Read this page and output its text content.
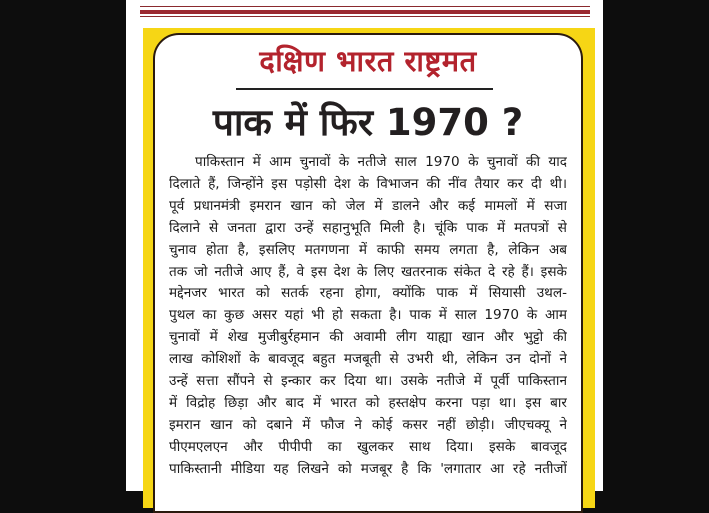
दक्षिण भारत राष्ट्रमत
पाक में फिर 1970 ?
पाकिस्तान में आम चुनावों के नतीजे साल 1970 के चुनावों की याद
दिलाते हैं, जिन्होंने इस पड़ोसी देश के विभाजन की नींव तैयार कर दी थी।
पूर्व प्रधानमंत्री इमरान खान को जेल में डालने और कई मामलों में सजा
दिलाने से जनता द्वारा उन्हें सहानुभूति मिली है। चूंकि पाक में मतपत्रों से
चुनाव होता है, इसलिए मतगणना में काफी समय लगता है, लेकिन अब
तक जो नतीजे आए हैं, वे इस देश के लिए खतरनाक संकेत दे रहे हैं। इसके
मद्देनजर भारत को सतर्क रहना होगा, क्योंकि पाक में सियासी उथल-
पुथल का कुछ असर यहां भी हो सकता है। पाक में साल 1970 के आम
चुनावों में शेख मुजीबुर्रहमान की अवामी लीग याह्या खान और भुट्टो की
लाख कोशिशों के बावजूद बहुत मजबूती से उभरी थी, लेकिन उन दोनों ने
उन्हें सत्ता सौंपने से इन्कार कर दिया था। उसके नतीजे में पूर्वी पाकिस्तान
में विद्रोह छिड़ा और बाद में भारत को हस्तक्षेप करना पड़ा था। इस बार
इमरान खान को दबाने में फौज ने कोई कसर नहीं छोड़ी। जीएचक्यू ने
पीएमएलएन और पीपीपी का खुलकर साथ दिया। इसके बावजूद
पाकिस्तानी मीडिया यह लिखने को मजबूर है कि 'लगातार आ रहे नतीजों
